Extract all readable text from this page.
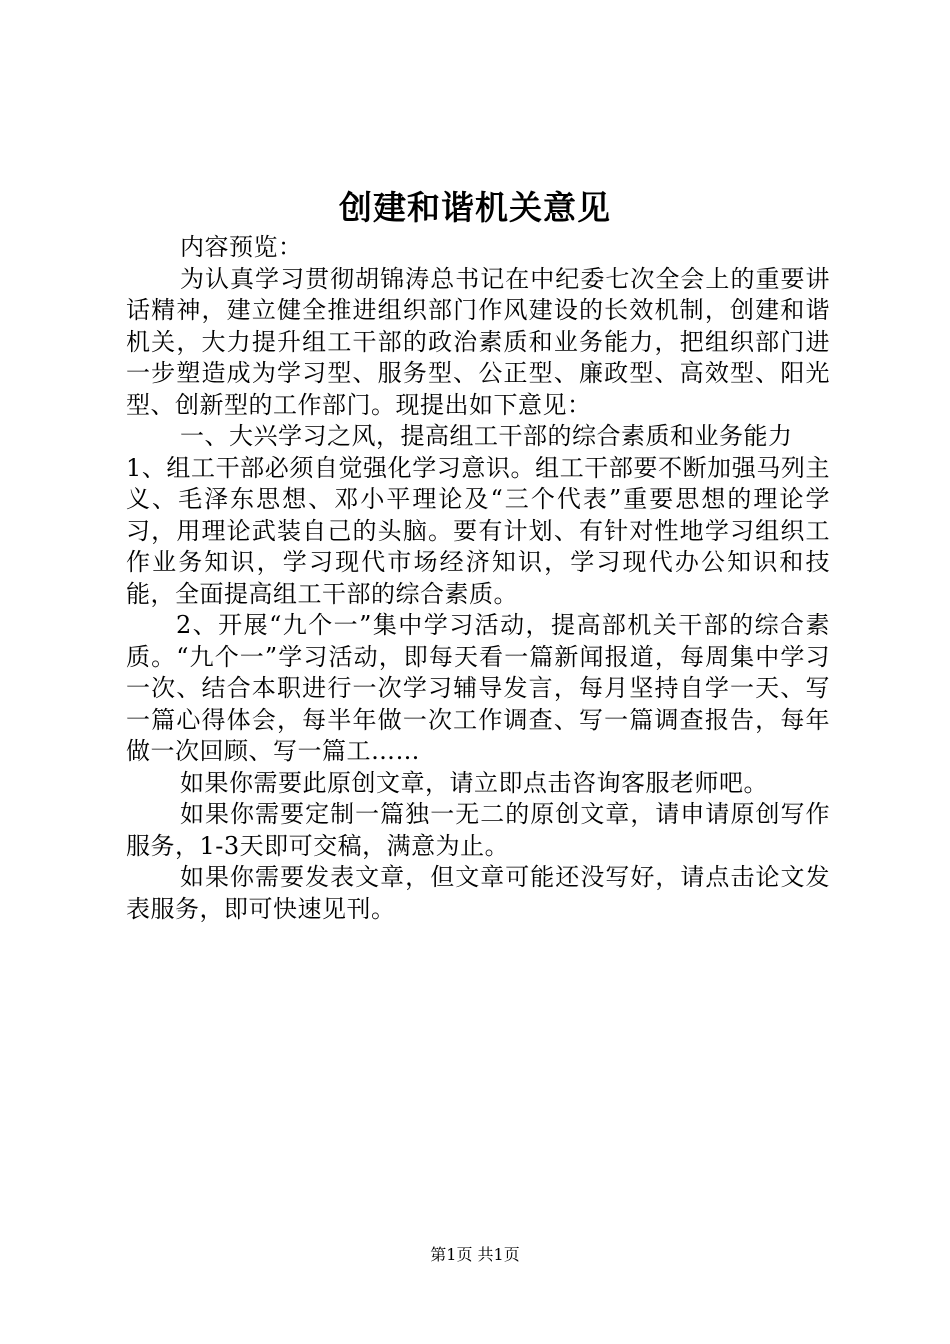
创建和谐机关意见

内容预览：

为认真学习贯彻胡锦涛总书记在中纪委七次全会上的重要讲话精神，建立健全推进组织部门作风建设的长效机制，创建和谐机关，大力提升组工干部的政治素质和业务能力，把组织部门进一步塑造成为学习型、服务型、公正型、廉政型、高效型、阳光型、创新型的工作部门。现提出如下意见：

一、大兴学习之风，提高组工干部的综合素质和业务能力

1、组工干部必须自觉强化学习意识。组工干部要不断加强马列主义、毛泽东思想、邓小平理论及“三个代表”重要思想的理论学习，用理论武装自己的头脑。要有计划、有针对性地学习组织工作业务知识，学习现代市场经济知识，学习现代办公知识和技能，全面提高组工干部的综合素质。

2、开展“九个一”集中学习活动，提高部机关干部的综合素质。“九个一”学习活动，即每天看一篇新闻报道，每周集中学习一次、结合本职进行一次学习辅导发言，每月坚持自学一天、写一篇心得体会，每半年做一次工作调查、写一篇调查报告，每年做一次回顾、写一篇工……

如果你需要此原创文章，请立即点击咨询客服老师吧。

如果你需要定制一篇独一无二的原创文章，请申请原创写作服务，1-3天即可交稿，满意为止。

如果你需要发表文章，但文章可能还没写好，请点击论文发表服务，即可快速见刊。

第1页 共1页
